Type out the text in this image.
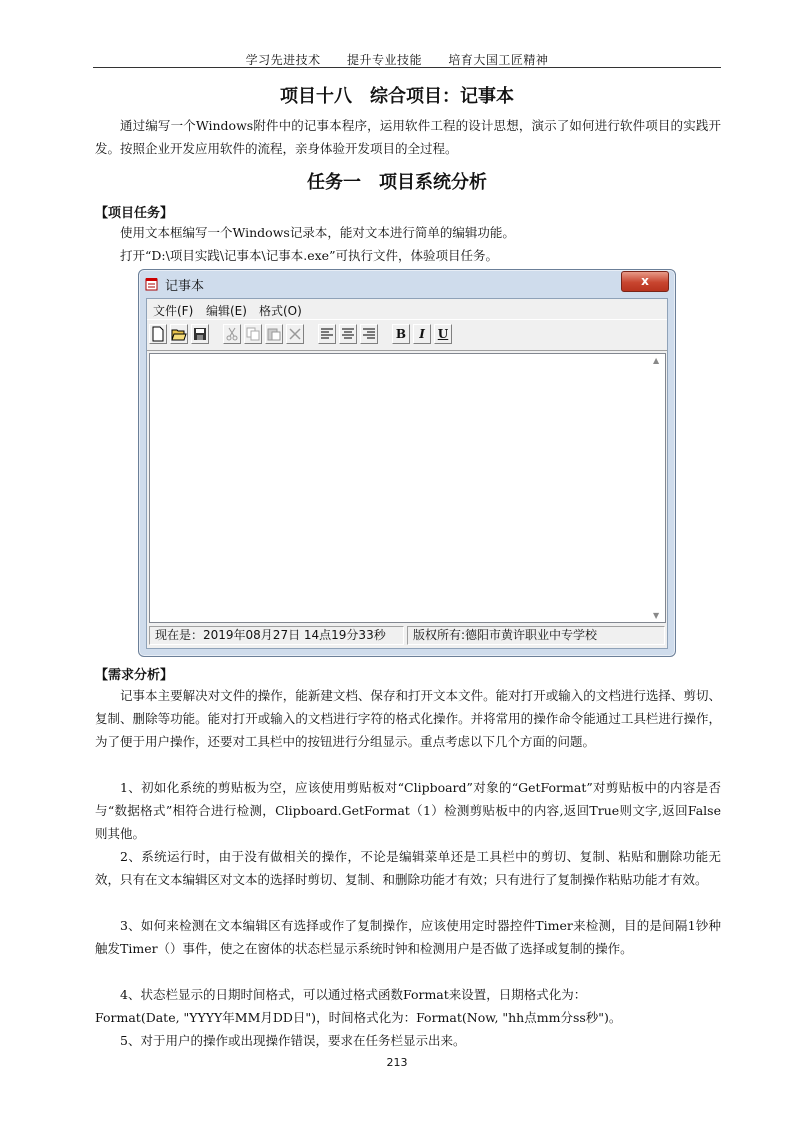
学习先进技术 提升专业技能 培育大国工匠精神
项目十八　综合项目：记事本
通过编写一个Windows附件中的记事本程序，运用软件工程的设计思想，演示了如何进行软件项目的实践开发。按照企业开发应用软件的流程，亲身体验开发项目的全过程。
任务一　项目系统分析
【项目任务】
使用文本框编写一个Windows记录本，能对文本进行简单的编辑功能。
打开“D:\项目实践\记事本\记事本.exe”可执行文件，体验项目任务。
记事本	x
文件(F) 编辑(E) 格式(O)
B	I	U
▲
▼
现在是：2019年08月27日 14点19分33秒	版权所有:德阳市黄许职业中专学校
【需求分析】
记事本主要解决对文件的操作，能新建文档、保存和打开文本文件。能对打开或输入的文档进行选择、剪切、复制、删除等功能。能对打开或输入的文档进行字符的格式化操作。并将常用的操作命令能通过工具栏进行操作，为了便于用户操作，还要对工具栏中的按钮进行分组显示。重点考虑以下几个方面的问题。
1、初如化系统的剪贴板为空，应该使用剪贴板对“Clipboard”对象的“GetFormat”对剪贴板中的内容是否与“数据格式”相符合进行检测，Clipboard.GetFormat（1）检测剪贴板中的内容,返回True则文字,返回False则其他。
2、系统运行时，由于没有做相关的操作，不论是编辑菜单还是工具栏中的剪切、复制、粘贴和删除功能无效，只有在文本编辑区对文本的选择时剪切、复制、和删除功能才有效；只有进行了复制操作粘贴功能才有效。
3、如何来检测在文本编辑区有选择或作了复制操作，应该使用定时器控件Timer来检测，目的是间隔1钞种触发Timer（）事件，使之在窗体的状态栏显示系统时钟和检测用户是否做了选择或复制的操作。
4、状态栏显示的日期时间格式，可以通过格式函数Format来设置，日期格式化为：
Format(Date, "YYYY年MM月DD日")，时间格式化为：Format(Now, "hh点mm分ss秒")。
5、对于用户的操作或出现操作错误，要求在任务栏显示出来。
213
